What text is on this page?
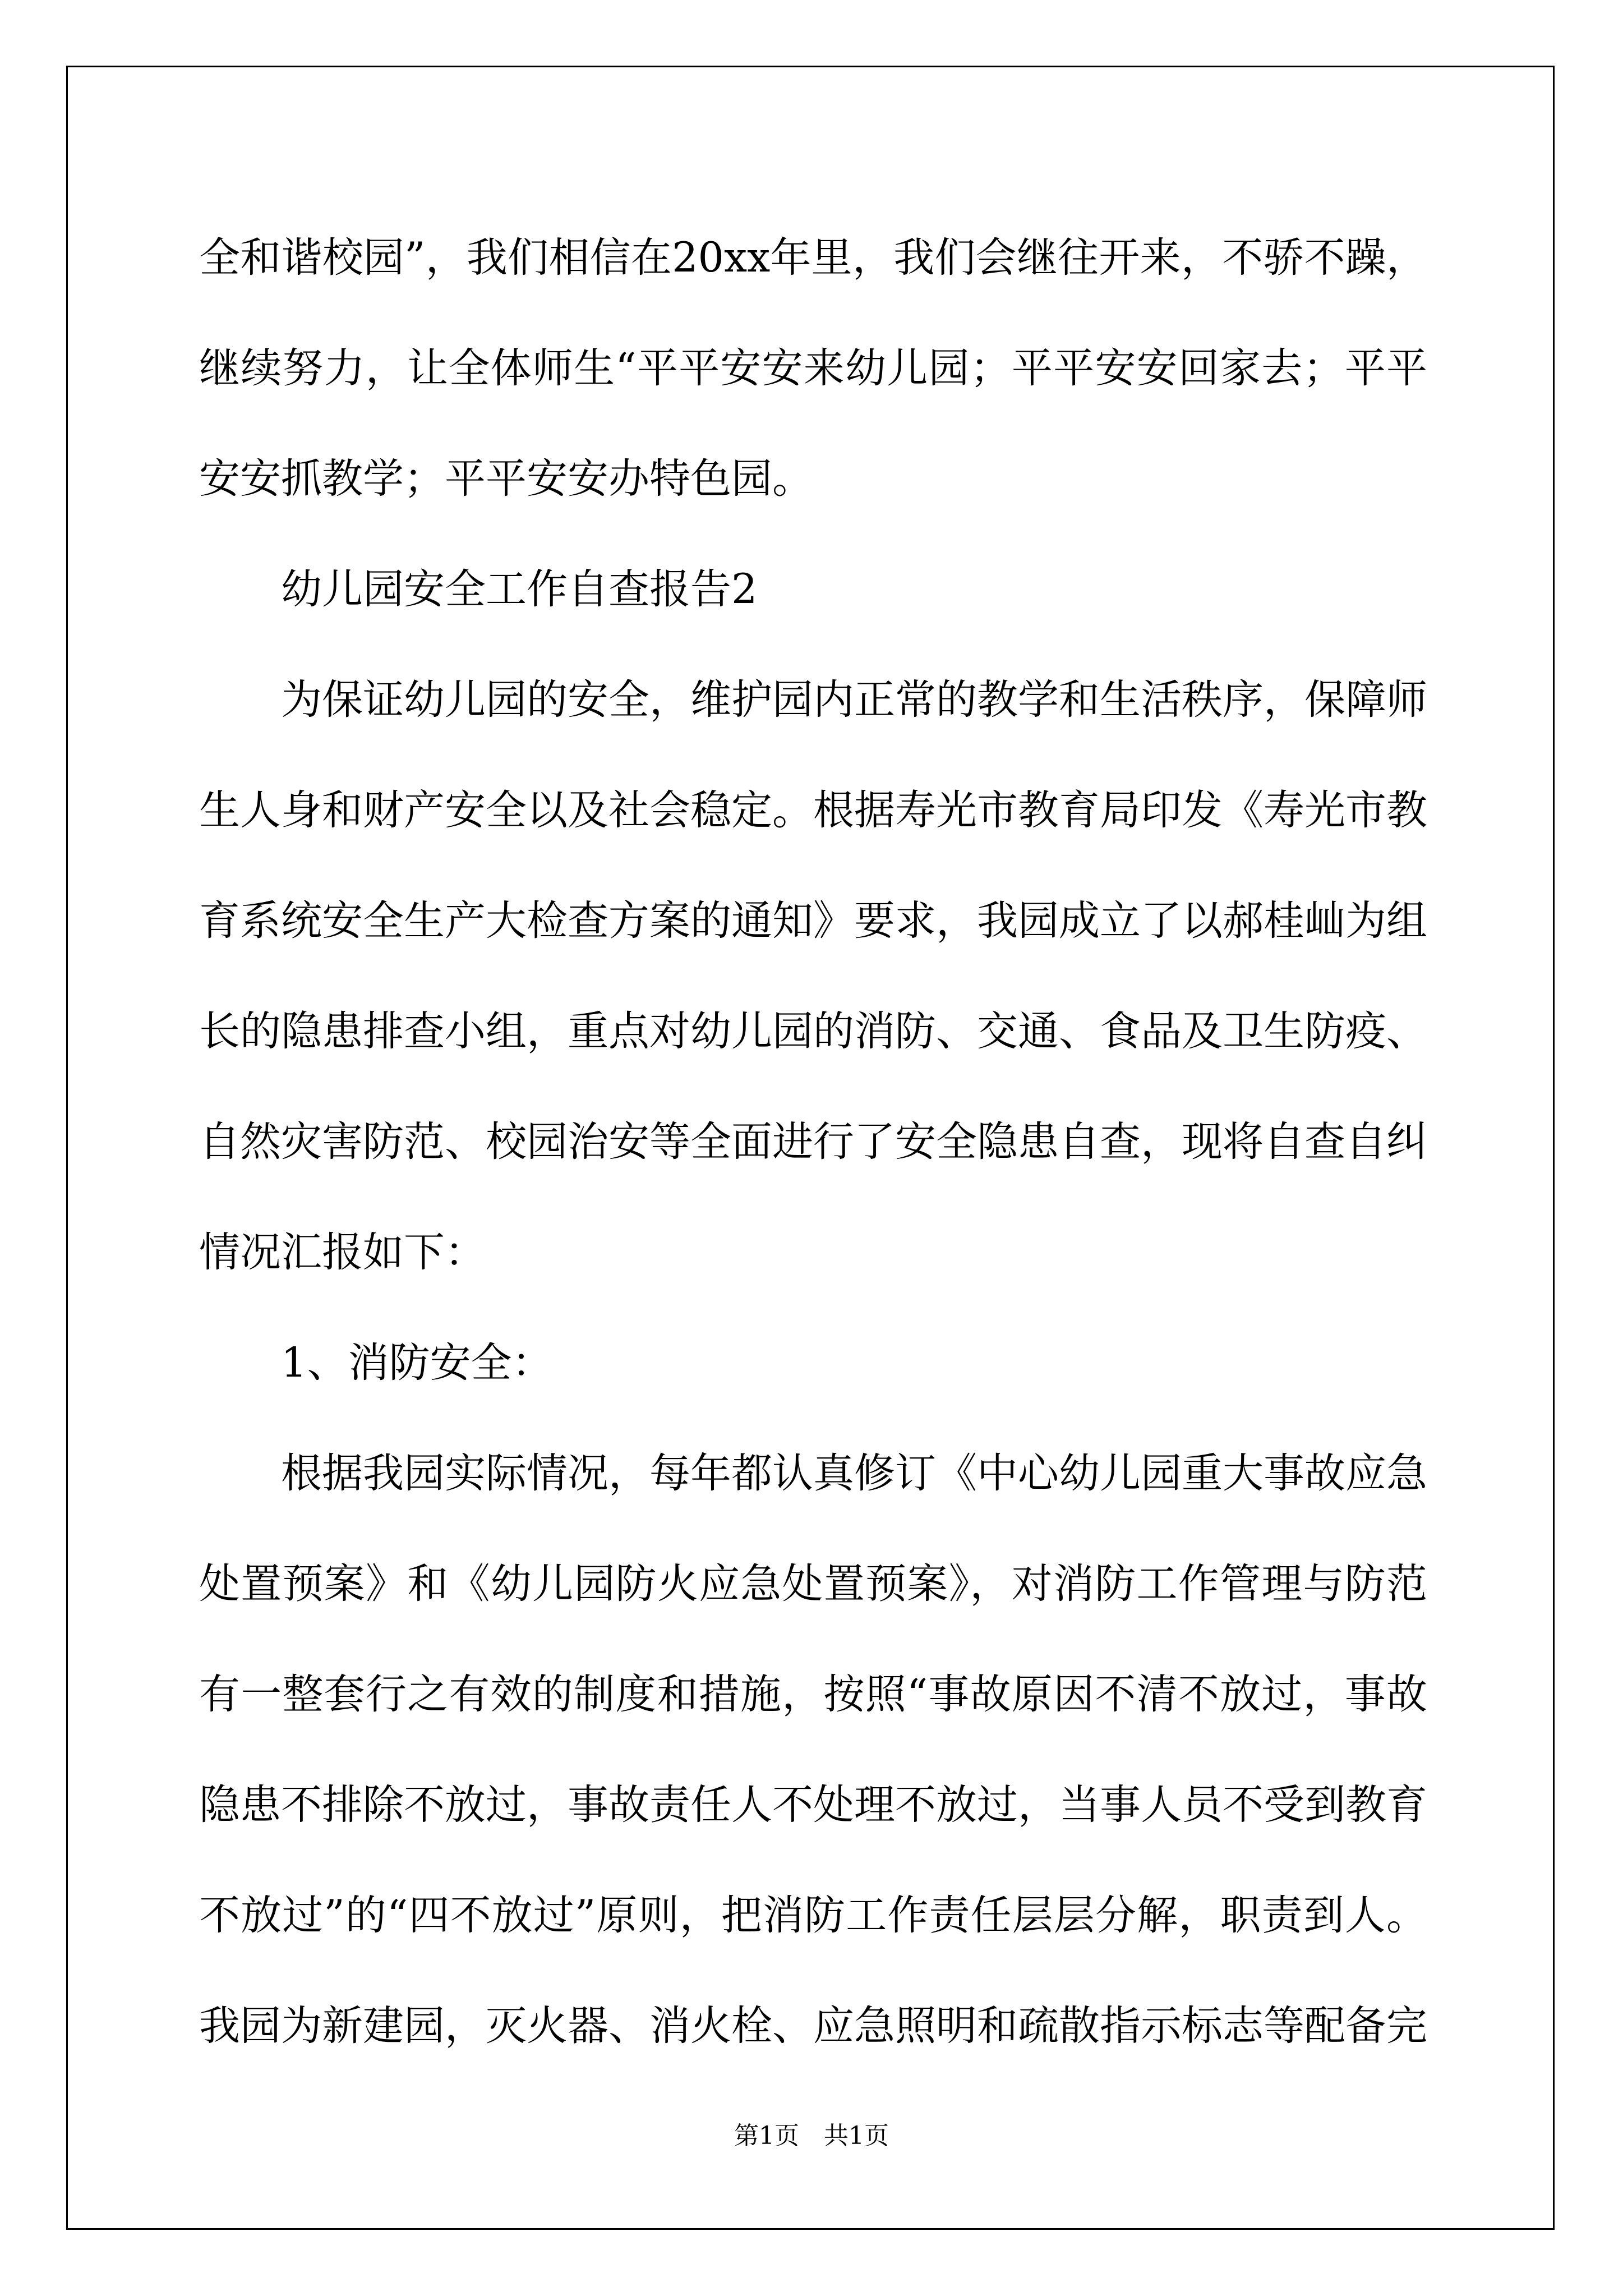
全和谐校园”，我们相信在20xx年里，我们会继往开来，不骄不躁，继续努力，让全体师生“平平安安来幼儿园；平平安安回家去；平平安安抓教学；平平安安办特色园。

幼儿园安全工作自查报告2

为保证幼儿园的安全，维护园内正常的教学和生活秩序，保障师生人身和财产安全以及社会稳定。根据寿光市教育局印发《寿光市教育系统安全生产大检查方案的通知》要求，我园成立了以郝桂屾为组长的隐患排查小组，重点对幼儿园的消防、交通、食品及卫生防疫、自然灾害防范、校园治安等全面进行了安全隐患自查，现将自查自纠情况汇报如下：

1、消防安全：

根据我园实际情况，每年都认真修订《中心幼儿园重大事故应急处置预案》和《幼儿园防火应急处置预案》，对消防工作管理与防范有一整套行之有效的制度和措施，按照“事故原因不清不放过，事故隐患不排除不放过，事故责任人不处理不放过，当事人员不受到教育不放过”的“四不放过”原则，把消防工作责任层层分解，职责到人。我园为新建园，灭火器、消火栓、应急照明和疏散指示标志等配备完

第1页　共1页
